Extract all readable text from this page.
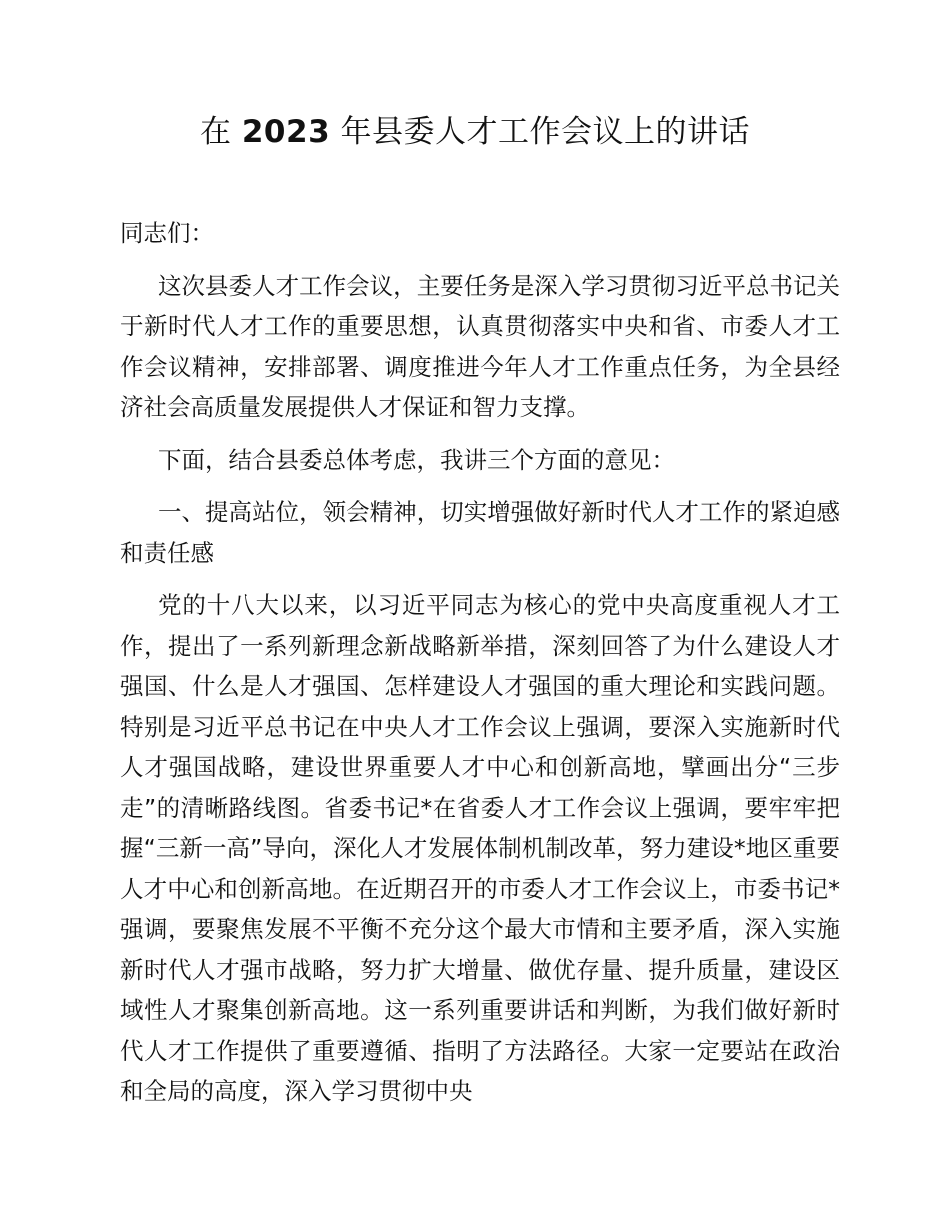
在 2023 年县委人才工作会议上的讲话

同志们：

这次县委人才工作会议，主要任务是深入学习贯彻习近平总书记关于新时代人才工作的重要思想，认真贯彻落实中央和省、市委人才工作会议精神，安排部署、调度推进今年人才工作重点任务，为全县经济社会高质量发展提供人才保证和智力支撑。

下面，结合县委总体考虑，我讲三个方面的意见：

一、提高站位，领会精神，切实增强做好新时代人才工作的紧迫感和责任感

党的十八大以来，以习近平同志为核心的党中央高度重视人才工作，提出了一系列新理念新战略新举措，深刻回答了为什么建设人才强国、什么是人才强国、怎样建设人才强国的重大理论和实践问题。特别是习近平总书记在中央人才工作会议上强调，要深入实施新时代人才强国战略，建设世界重要人才中心和创新高地，擘画出分“三步走”的清晰路线图。省委书记*在省委人才工作会议上强调，要牢牢把握“三新一高”导向，深化人才发展体制机制改革，努力建设*地区重要人才中心和创新高地。在近期召开的市委人才工作会议上，市委书记*强调，要聚焦发展不平衡不充分这个最大市情和主要矛盾，深入实施新时代人才强市战略，努力扩大增量、做优存量、提升质量，建设区域性人才聚集创新高地。这一系列重要讲话和判断，为我们做好新时代人才工作提供了重要遵循、指明了方法路径。大家一定要站在政治和全局的高度，深入学习贯彻中央
